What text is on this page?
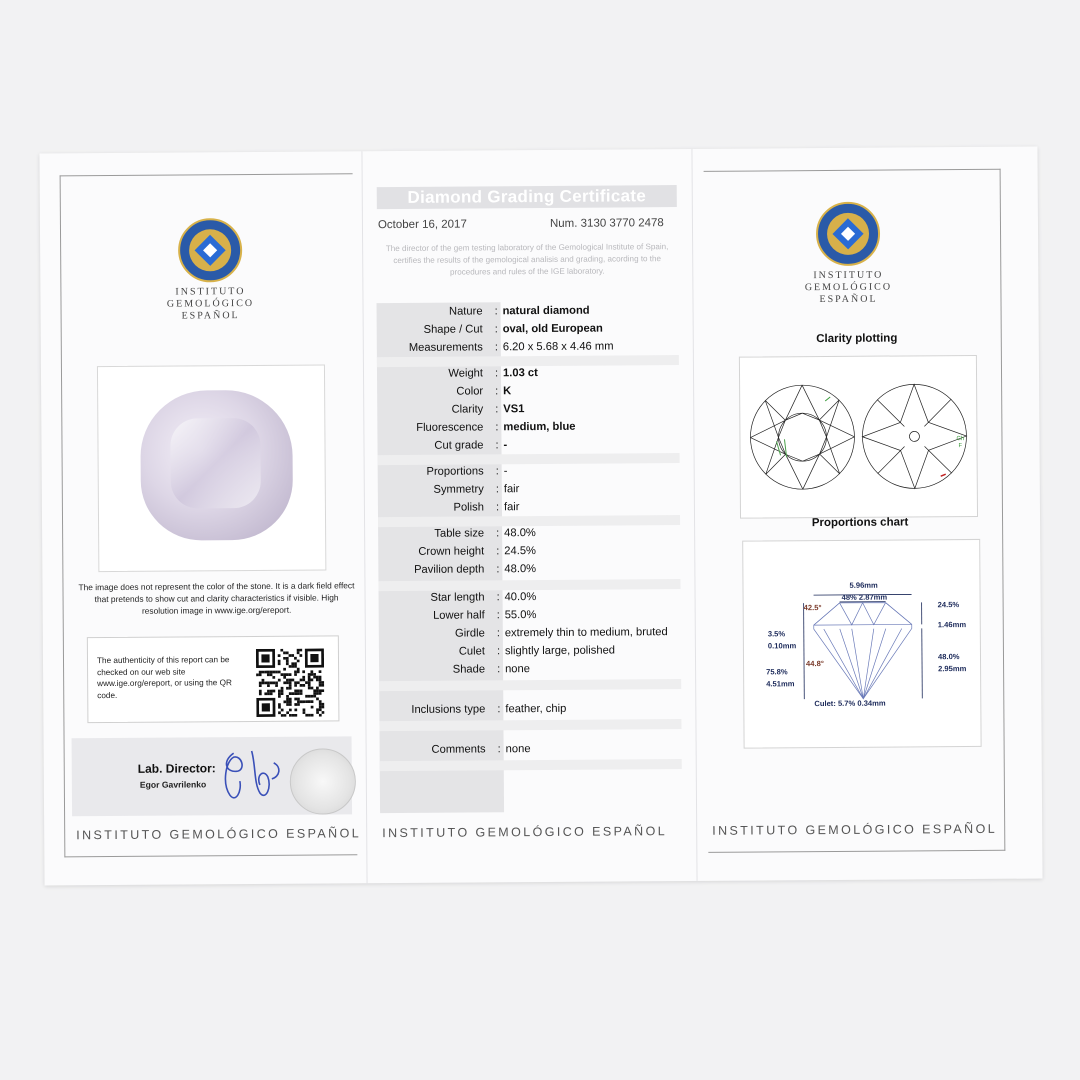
INSTITUTO
GEMOLÓGICO
ESPAÑOL
The image does not represent the color of the stone. It is a dark field effect that pretends to show cut and clarity characteristics if visible. High resolution image in www.ige.org/ereport.
The authenticity of this report can be checked on our web site www.ige.org/ereport, or using the QR code.
Lab. Director:
Egor Gavrilenko
INSTITUTO GEMOLÓGICO ESPAÑOL
Diamond Grading Certificate
October 16, 2017	Num. 3130 3770 2478
The director of the gem testing laboratory of the Gemological Institute of Spain, certifies the results of the gemological analisis and grading, acording to the procedures and rules of the IGE laboratory.
Nature : natural diamond
Shape / Cut : oval, old European
Measurements : 6.20 x 5.68 x 4.46 mm
Weight : 1.03 ct
Color : K
Clarity : VS1
Fluorescence : medium, blue
Cut grade : -
Proportions : -
Symmetry : fair
Polish : fair
Table size : 48.0%
Crown height : 24.5%
Pavilion depth : 48.0%
Star length : 40.0%
Lower half : 55.0%
Girdle : extremely thin to medium, bruted
Culet : slightly large, polished
Shade : none
Inclusions type : feather, chip
Comments : none
INSTITUTO GEMOLÓGICO ESPAÑOL
INSTITUTO
GEMOLÓGICO
ESPAÑOL
Clarity plotting
Ch
F
Proportions chart
5.96mm
48% 2.87mm
42.5°	24.5%
1.46mm
3.5%
0.10mm
48.0%
2.95mm
44.8°
75.8%
4.51mm
Culet: 5.7% 0.34mm
INSTITUTO GEMOLÓGICO ESPAÑOL
